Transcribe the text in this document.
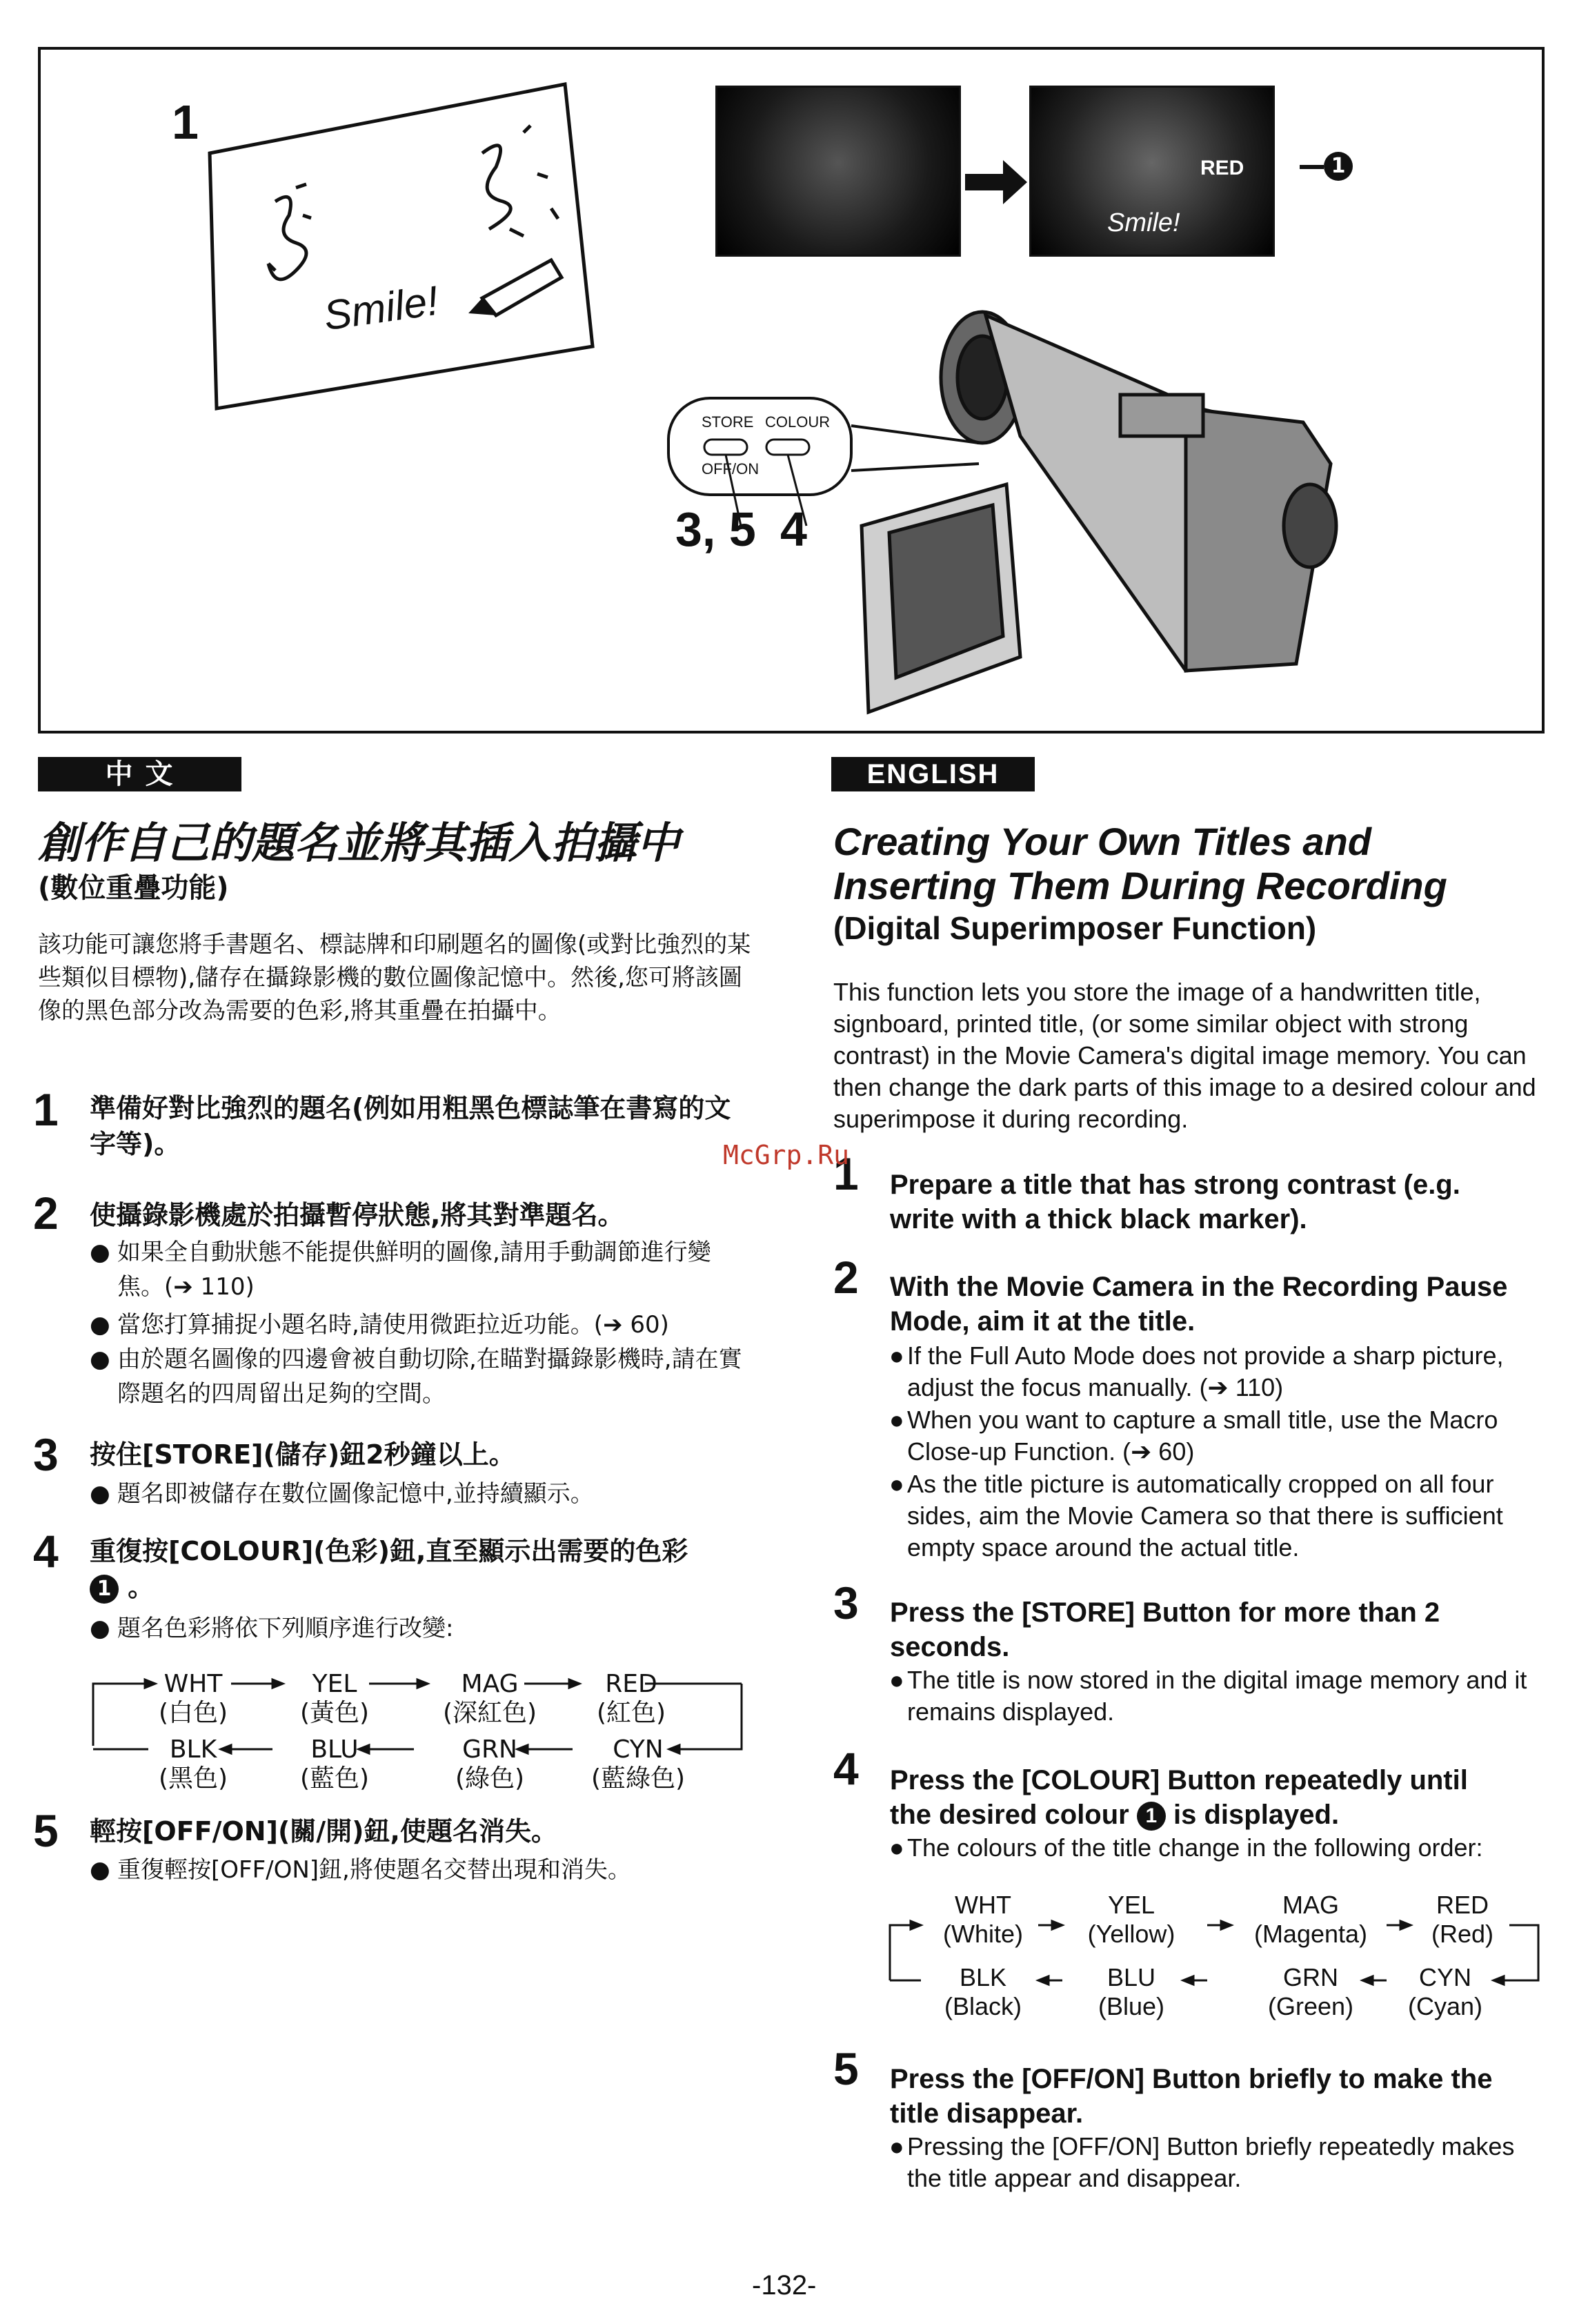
1
Smile!
Smile!
RED	1
STORE COLOUR
OFF/ON
3, 5 4
中 文
創作自己的題名並將其插入拍攝中
(數位重疊功能)
該功能可讓您將手書題名、標誌牌和印刷題名的圖像(或對比強烈的某些類似目標物),儲存在攝錄影機的數位圖像記憶中。然後,您可將該圖像的黑色部分改為需要的色彩,將其重疊在拍攝中。
1 準備好對比強烈的題名(例如用粗黑色標誌筆在書寫的文字等)。
2 使攝錄影機處於拍攝暫停狀態,將其對準題名。
● 如果全自動狀態不能提供鮮明的圖像,請用手動調節進行變焦。(➔ 110)
● 當您打算捕捉小題名時,請使用微距拉近功能。(➔ 60)
● 由於題名圖像的四邊會被自動切除,在瞄對攝錄影機時,請在實際題名的四周留出足夠的空間。
3 按住[STORE](儲存)鈕2秒鐘以上。
● 題名即被儲存在數位圖像記憶中,並持續顯示。
4 重復按[COLOUR](色彩)鈕,直至顯示出需要的色彩
1 。
● 題名色彩將依下列順序進行改變:
WHT
(白色)
YEL
(黃色)
MAG
(深紅色)
RED
(紅色)
BLK
(黑色)
BLU
(藍色)
GRN
(綠色)
CYN
(藍綠色)
5 輕按[OFF/ON](關/開)鈕,使題名消失。
● 重復輕按[OFF/ON]鈕,將使題名交替出現和消失。
ENGLISH
Creating Your Own Titles and
Inserting Them During Recording
(Digital Superimposer Function)
This function lets you store the image of a handwritten title, signboard, printed title, (or some similar object with strong contrast) in the Movie Camera's digital image memory. You can then change the dark parts of this image to a desired colour and superimpose it during recording.
1 Prepare a title that has strong contrast (e.g. write with a thick black marker).
2 With the Movie Camera in the Recording Pause Mode, aim it at the title.
● If the Full Auto Mode does not provide a sharp picture, adjust the focus manually. (➔ 110)
● When you want to capture a small title, use the Macro Close-up Function. (➔ 60)
● As the title picture is automatically cropped on all four sides, aim the Movie Camera so that there is sufficient empty space around the actual title.
3 Press the [STORE] Button for more than 2 seconds.
● The title is now stored in the digital image memory and it remains displayed.
4 Press the [COLOUR] Button repeatedly until the desired colour 1 is displayed.
● The colours of the title change in the following order:
WHT
(White)
YEL
(Yellow)
MAG
(Magenta)
RED
(Red)
BLK
(Black)
BLU
(Blue)
GRN
(Green)
CYN
(Cyan)
5 Press the [OFF/ON] Button briefly to make the title disappear.
● Pressing the [OFF/ON] Button briefly repeatedly makes the title appear and disappear.
McGrp.Ru
-132-
